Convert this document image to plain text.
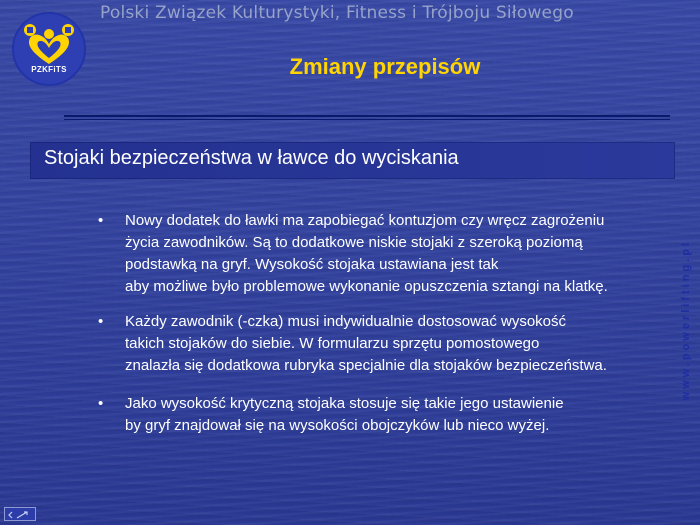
PZKFiTS
Polski Związek Kulturystyki, Fitness i Trójboju Siłowego
Zmiany przepisów
Stojaki bezpieczeństwa w ławce do wyciskania
•	Nowy dodatek do ławki ma zapobiegać kontuzjom czy wręcz zagrożeniu
życia zawodników. Są to dodatkowe niskie stojaki z szeroką poziomą
podstawką na gryf. Wysokość stojaka ustawiana jest tak
aby możliwe było problemowe wykonanie opuszczenia sztangi na klatkę.
•	Każdy zawodnik (-czka) musi indywidualnie dostosować wysokość
takich stojaków do siebie. W formularzu sprzętu pomostowego
znalazła się dodatkowa rubryka specjalnie dla stojaków bezpieczeństwa.
•	Jako wysokość krytyczną stojaka stosuje się takie jego ustawienie
by gryf znajdował się na wysokości obojczyków lub nieco wyżej.
www.powerlifting.pl
